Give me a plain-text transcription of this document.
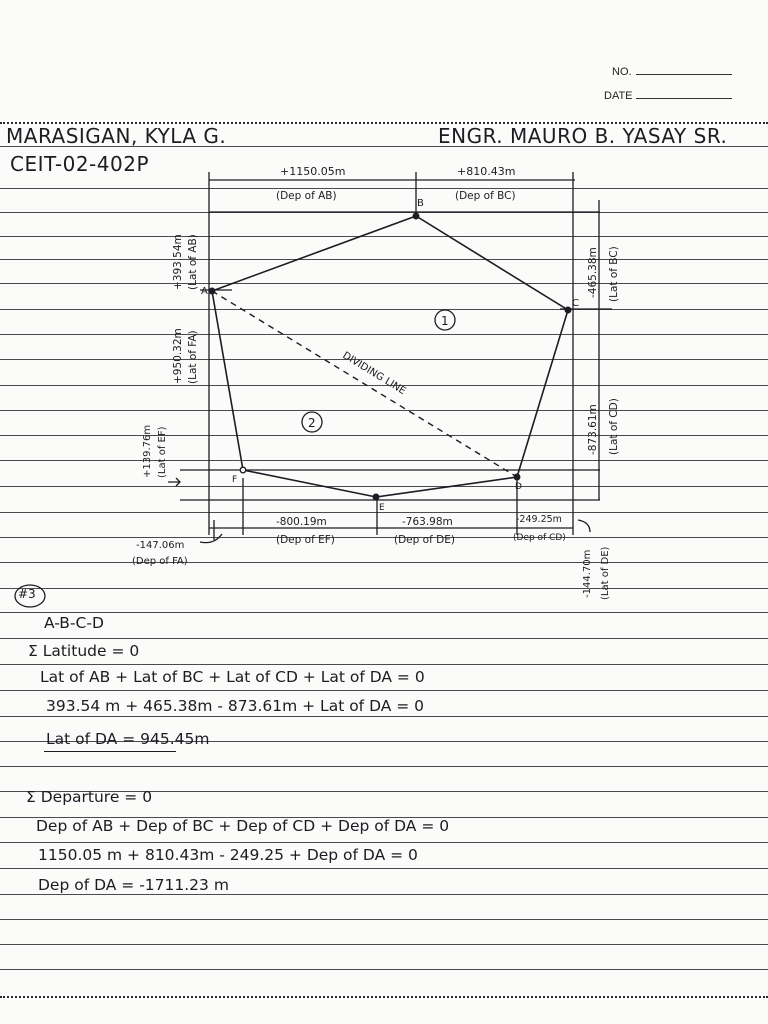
NO.
DATE
MARASIGAN, KYLA G.
CEIT-02-402P
ENGR. MAURO B. YASAY SR.
A
B
C
D
E
F
1
2
DIVIDING LINE
+1150.05m
(Dep of AB)
+810.43m
(Dep of BC)
+393.54m (Lat of AB)
+950.32m (Lat of FA)
+139.76m (Lat of EF)
-465.38m (Lat of BC)
-873.61m (Lat of CD)
-144.70m (Lat of DE)
-147.06m
(Dep of FA)
-800.19m
(Dep of EF)
-763.98m
(Dep of DE)
-249.25m
(Dep of CD)
#3
A-B-C-D
Σ Latitude = 0
Lat of AB + Lat of BC + Lat of CD + Lat of DA = 0
393.54 m + 465.38m - 873.61m + Lat of DA = 0
Lat of DA = 945.45m
Σ Departure = 0
Dep of AB + Dep of BC + Dep of CD + Dep of DA = 0
1150.05 m + 810.43m - 249.25 + Dep of DA = 0
Dep of DA = -1711.23 m
